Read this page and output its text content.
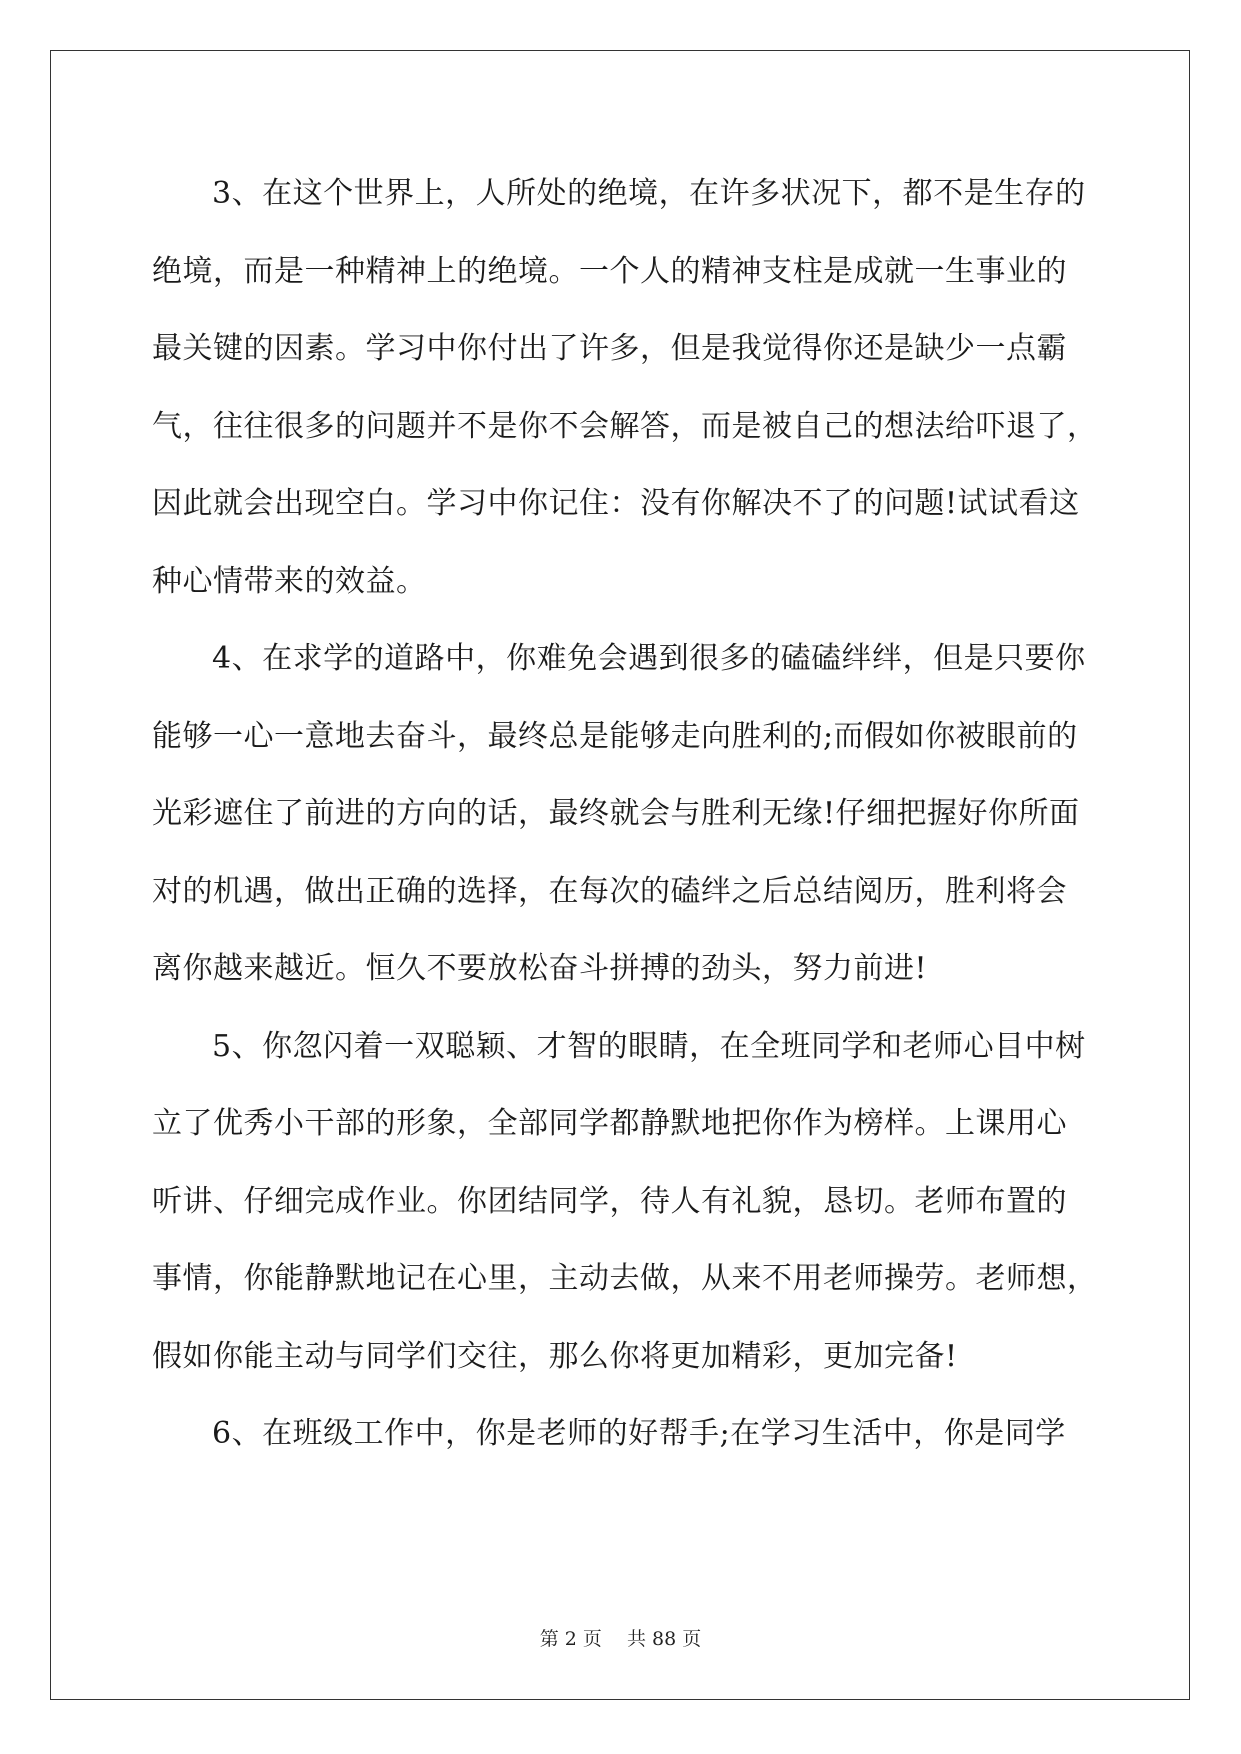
3、在这个世界上，人所处的绝境，在许多状况下，都不是生存的
绝境，而是一种精神上的绝境。一个人的精神支柱是成就一生事业的
最关键的因素。学习中你付出了许多，但是我觉得你还是缺少一点霸
气，往往很多的问题并不是你不会解答，而是被自己的想法给吓退了，
因此就会出现空白。学习中你记住：没有你解决不了的问题!试试看这
种心情带来的效益。
4、在求学的道路中，你难免会遇到很多的磕磕绊绊，但是只要你
能够一心一意地去奋斗，最终总是能够走向胜利的;而假如你被眼前的
光彩遮住了前进的方向的话，最终就会与胜利无缘!仔细把握好你所面
对的机遇，做出正确的选择，在每次的磕绊之后总结阅历，胜利将会
离你越来越近。恒久不要放松奋斗拼搏的劲头，努力前进!
5、你忽闪着一双聪颖、才智的眼睛，在全班同学和老师心目中树
立了优秀小干部的形象，全部同学都静默地把你作为榜样。上课用心
听讲、仔细完成作业。你团结同学，待人有礼貌，恳切。老师布置的
事情，你能静默地记在心里，主动去做，从来不用老师操劳。老师想，
假如你能主动与同学们交往，那么你将更加精彩，更加完备!
6、在班级工作中，你是老师的好帮手;在学习生活中，你是同学
第 2 页　 共 88 页
